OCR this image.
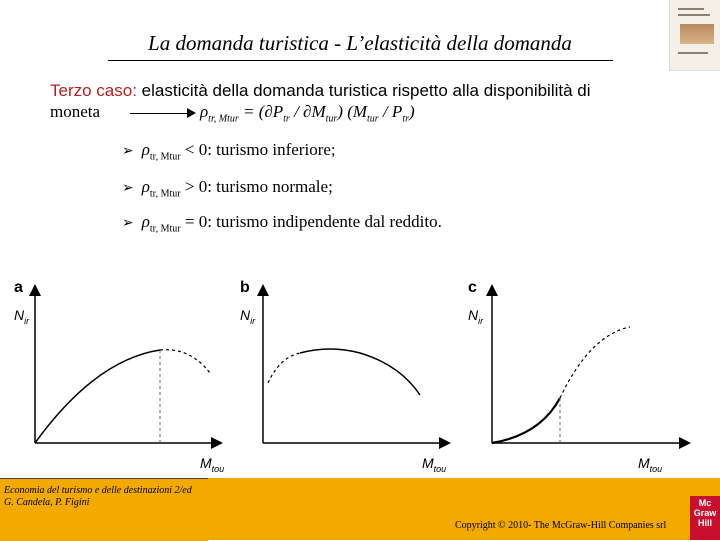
La domanda turistica - L’elasticità della domanda
Terzo caso: elasticità della domanda turistica rispetto alla disponibilità di
moneta	$\rho_{tr, Mtur} = (\partial P_{tr} / \partial M_{tur})$ $(M_{tur} / P_{tr})$
➢ $\rho_{tr, Mtur} < 0$: turismo inferiore;
➢ $\rho_{tr, Mtur} > 0$: turismo normale;
➢ $\rho_{tr, Mtur} = 0$: turismo indipendente dal reddito.
a
$N_{ir}$
$M_{tou}$
b
$N_{ir}$
$M_{tou}$
c
$N_{ir}$
$M_{tou}$
Economia del turismo e delle destinazioni 2/ed
G. Candela, P. Figini
Copyright © 2010- The McGraw-Hill Companies srl
Mc
Graw
Hill
